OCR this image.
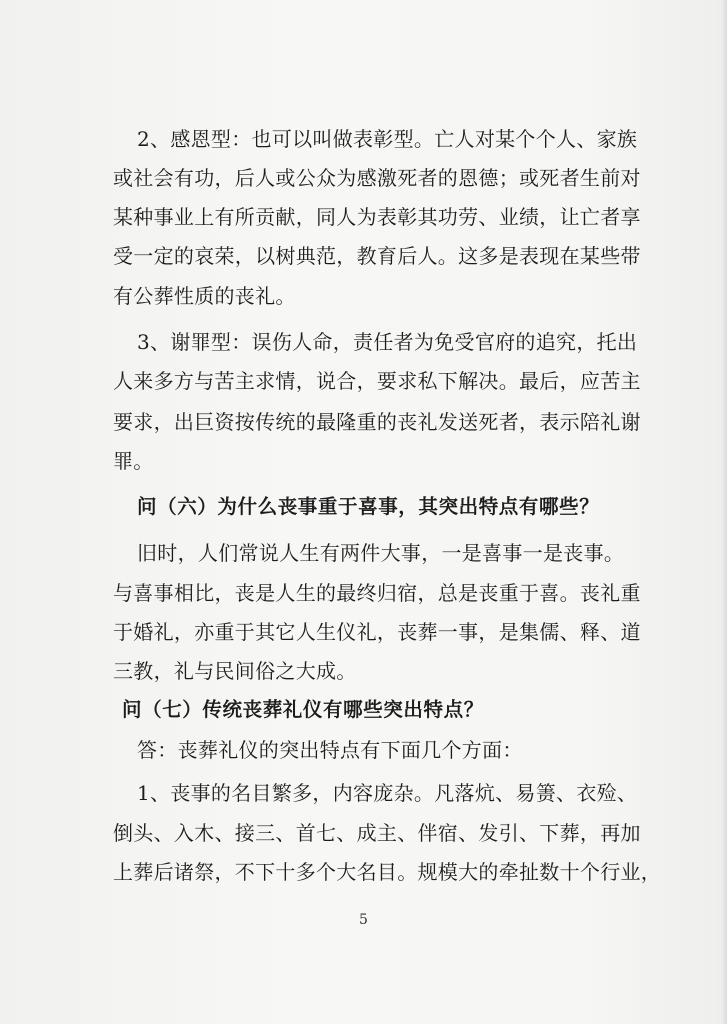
2、感恩型：也可以叫做表彰型。亡人对某个个人、家族
或社会有功，后人或公众为感激死者的恩德；或死者生前对
某种事业上有所贡献，同人为表彰其功劳、业绩，让亡者享
受一定的哀荣，以树典范，教育后人。这多是表现在某些带
有公葬性质的丧礼。
3、谢罪型：误伤人命，责任者为免受官府的追究，托出
人来多方与苦主求情，说合，要求私下解决。最后，应苦主
要求，出巨资按传统的最隆重的丧礼发送死者，表示陪礼谢
罪。
问（六）为什么丧事重于喜事，其突出特点有哪些？
旧时，人们常说人生有两件大事，一是喜事一是丧事。
与喜事相比，丧是人生的最终归宿，总是丧重于喜。丧礼重
于婚礼，亦重于其它人生仪礼，丧葬一事，是集儒、释、道
三教，礼与民间俗之大成。
问（七）传统丧葬礼仪有哪些突出特点？
答：丧葬礼仪的突出特点有下面几个方面：
1、丧事的名目繁多，内容庞杂。凡落炕、易箦、衣殓、
倒头、入木、接三、首七、成主、伴宿、发引、下葬，再加
上葬后诸祭，不下十多个大名目。规模大的牵扯数十个行业，
5
